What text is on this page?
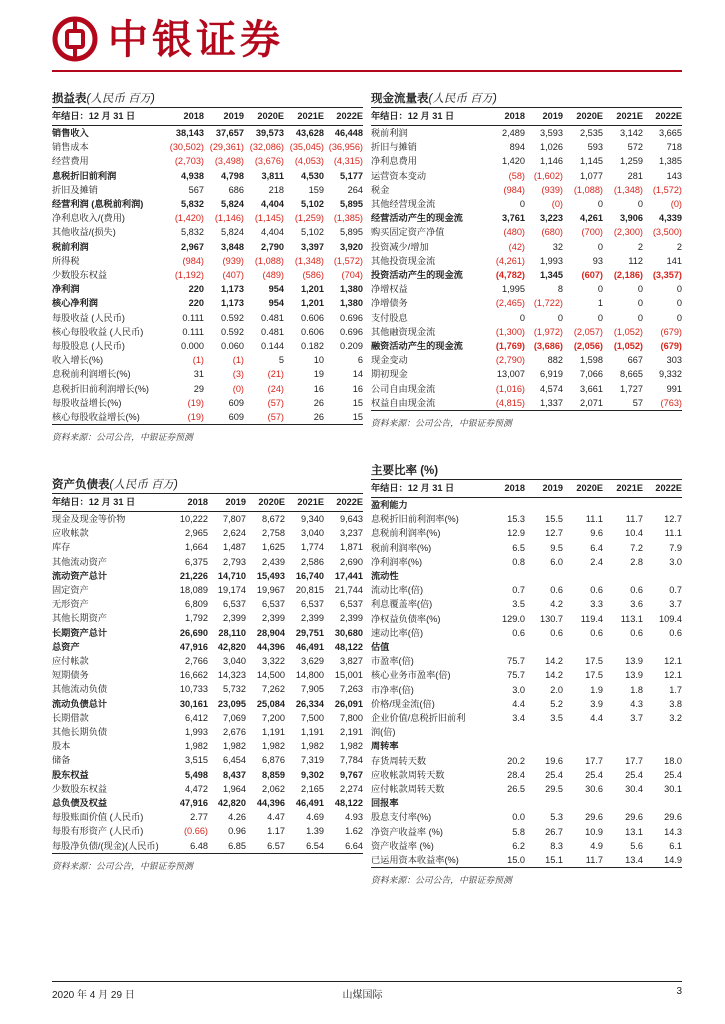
中银证券
损益表(人民币 百万)
年结日：12 月 31 日	2018	2019	2020E	2021E	2022E
销售收入	38,143	37,657	39,573	43,628	46,448
销售成本	(30,502)	(29,361)	(32,086)	(35,045)	(36,956)
经营费用	(2,703)	(3,498)	(3,676)	(4,053)	(4,315)
息税折旧前利润	4,938	4,798	3,811	4,530	5,177
折旧及摊销	567	686	218	159	264
经营利润 (息税前利润)	5,832	5,824	4,404	5,102	5,895
净利息收入/(费用)	(1,420)	(1,146)	(1,145)	(1,259)	(1,385)
其他收益/(损失)	5,832	5,824	4,404	5,102	5,895
税前利润	2,967	3,848	2,790	3,397	3,920
所得税	(984)	(939)	(1,088)	(1,348)	(1,572)
少数股东权益	(1,192)	(407)	(489)	(586)	(704)
净利润	220	1,173	954	1,201	1,380
核心净利润	220	1,173	954	1,201	1,380
每股收益 (人民币)	0.111	0.592	0.481	0.606	0.696
核心每股收益 (人民币)	0.111	0.592	0.481	0.606	0.696
每股股息 (人民币)	0.000	0.060	0.144	0.182	0.209
收入增长(%)	(1)	(1)	5	10	6
息税前利润增长(%)	31	(3)	(21)	19	14
息税折旧前利润增长(%)	29	(0)	(24)	16	16
每股收益增长(%)	(19)	609	(57)	26	15
核心每股收益增长(%)	(19)	609	(57)	26	15
资料来源：公司公告，中银证券预测
现金流量表(人民币 百万)
年结日：12 月 31 日	2018	2019	2020E	2021E	2022E
税前利润	2,489	3,593	2,535	3,142	3,665
折旧与摊销	894	1,026	593	572	718
净利息费用	1,420	1,146	1,145	1,259	1,385
运营资本变动	(58)	(1,602)	1,077	281	143
税金	(984)	(939)	(1,088)	(1,348)	(1,572)
其他经营现金流	0	(0)	0	0	(0)
经营活动产生的现金流	3,761	3,223	4,261	3,906	4,339
购买固定资产净值	(480)	(680)	(700)	(2,300)	(3,500)
投资减少/增加	(42)	32	0	2	2
其他投资现金流	(4,261)	1,993	93	112	141
投资活动产生的现金流	(4,782)	1,345	(607)	(2,186)	(3,357)
净增权益	1,995	8	0	0	0
净增债务	(2,465)	(1,722)	1	0	0
支付股息	0	0	0	0	0
其他融资现金流	(1,300)	(1,972)	(2,057)	(1,052)	(679)
融资活动产生的现金流	(1,769)	(3,686)	(2,056)	(1,052)	(679)
现金变动	(2,790)	882	1,598	667	303
期初现金	13,007	6,919	7,066	8,665	9,332
公司自由现金流	(1,016)	4,574	3,661	1,727	991
权益自由现金流	(4,815)	1,337	2,071	57	(763)
资料来源：公司公告，中银证券预测
资产负债表(人民币 百万)
年结日：12 月 31 日	2018	2019	2020E	2021E	2022E
现金及现金等价物	10,222	7,807	8,672	9,340	9,643
应收帐款	2,965	2,624	2,758	3,040	3,237
库存	1,664	1,487	1,625	1,774	1,871
其他流动资产	6,375	2,793	2,439	2,586	2,690
流动资产总计	21,226	14,710	15,493	16,740	17,441
固定资产	18,089	19,174	19,967	20,815	21,744
无形资产	6,809	6,537	6,537	6,537	6,537
其他长期资产	1,792	2,399	2,399	2,399	2,399
长期资产总计	26,690	28,110	28,904	29,751	30,680
总资产	47,916	42,820	44,396	46,491	48,122
应付帐款	2,766	3,040	3,322	3,629	3,827
短期债务	16,662	14,323	14,500	14,800	15,001
其他流动负债	10,733	5,732	7,262	7,905	7,263
流动负债总计	30,161	23,095	25,084	26,334	26,091
长期借款	6,412	7,069	7,200	7,500	7,800
其他长期负债	1,993	2,676	1,191	1,191	2,191
股本	1,982	1,982	1,982	1,982	1,982
储备	3,515	6,454	6,876	7,319	7,784
股东权益	5,498	8,437	8,859	9,302	9,767
少数股东权益	4,472	1,964	2,062	2,165	2,274
总负债及权益	47,916	42,820	44,396	46,491	48,122
每股账面价值 (人民币)	2.77	4.26	4.47	4.69	4.93
每股有形资产 (人民币)	(0.66)	0.96	1.17	1.39	1.62
每股净负债/(现金)(人民币)	6.48	6.85	6.57	6.54	6.64
资料来源：公司公告，中银证券预测
主要比率 (%)
年结日：12 月 31 日	2018	2019	2020E	2021E	2022E
盈利能力					
息税折旧前利润率(%)	15.3	15.5	11.1	11.7	12.7
息税前利润率(%)	12.9	12.7	9.6	10.4	11.1
税前利润率(%)	6.5	9.5	6.4	7.2	7.9
净利润率(%)	0.8	6.0	2.4	2.8	3.0
流动性					
流动比率(倍)	0.7	0.6	0.6	0.6	0.7
利息覆盖率(倍)	3.5	4.2	3.3	3.6	3.7
净权益负债率(%)	129.0	130.7	119.4	113.1	109.4
速动比率(倍)	0.6	0.6	0.6	0.6	0.6
估值					
市盈率(倍)	75.7	14.2	17.5	13.9	12.1
核心业务市盈率(倍)	75.7	14.2	17.5	13.9	12.1
市净率(倍)	3.0	2.0	1.9	1.8	1.7
价格/现金流(倍)	4.4	5.2	3.9	4.3	3.8
企业价值/息税折旧前利	3.4	3.5	4.4	3.7	3.2
润(倍)					
周转率					
存货周转天数	20.2	19.6	17.7	17.7	18.0
应收帐款周转天数	28.4	25.4	25.4	25.4	25.4
应付帐款周转天数	26.5	29.5	30.6	30.4	30.1
回报率					
股息支付率(%)	0.0	5.3	29.6	29.6	29.6
净资产收益率 (%)	5.8	26.7	10.9	13.1	14.3
资产收益率 (%)	6.2	8.3	4.9	5.6	6.1
已运用资本收益率(%)	15.0	15.1	11.7	13.4	14.9
资料来源：公司公告，中银证券预测
2020 年 4 月 29 日	山煤国际	3
